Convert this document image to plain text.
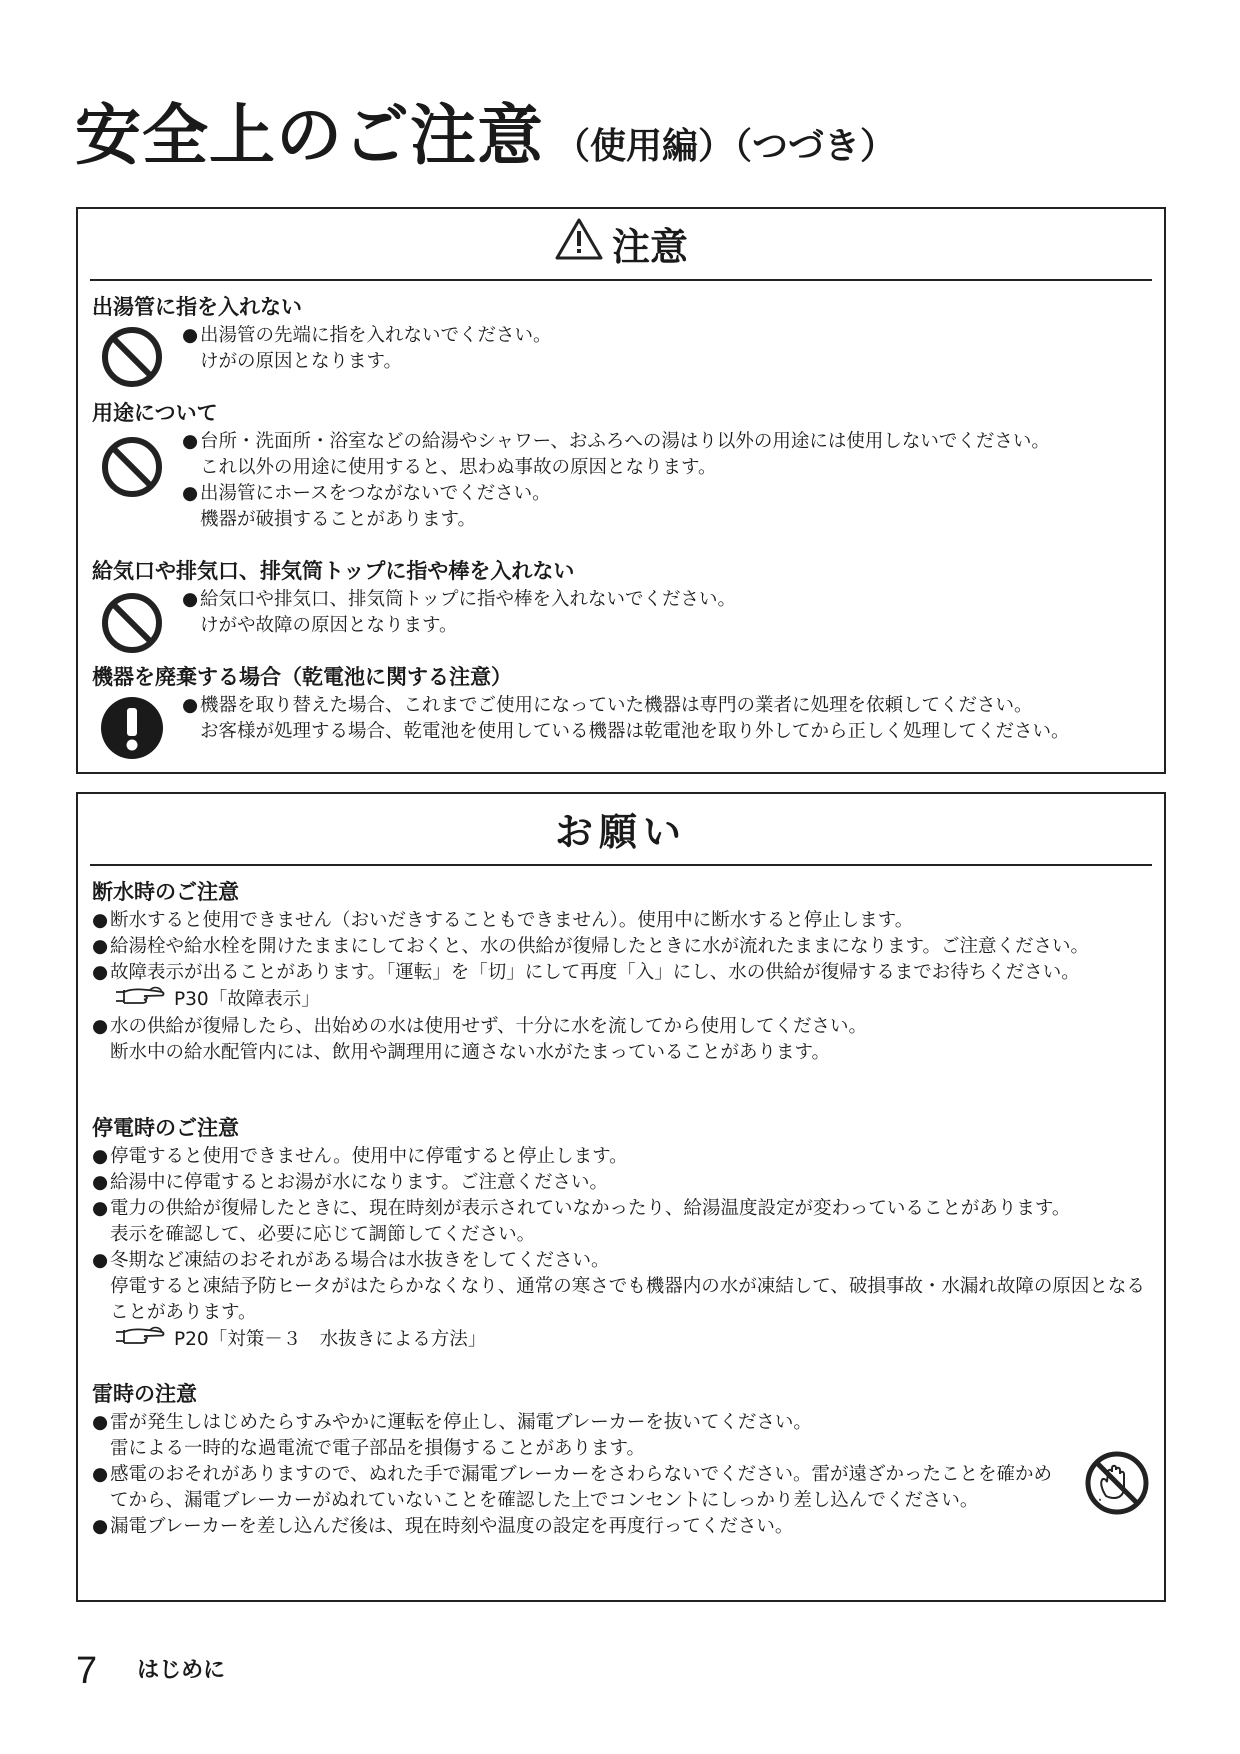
安全上のご注意 （使用編）（つづき）
注意
出湯管に指を入れない
● 出湯管の先端に指を入れないでください。
けがの原因となります。
用途について
● 台所・洗面所・浴室などの給湯やシャワー、おふろへの湯はり以外の用途には使用しないでください。
これ以外の用途に使用すると、思わぬ事故の原因となります。
● 出湯管にホースをつながないでください。
機器が破損することがあります。
給気口や排気口、排気筒トップに指や棒を入れない
● 給気口や排気口、排気筒トップに指や棒を入れないでください。
けがや故障の原因となります。
機器を廃棄する場合（乾電池に関する注意）
● 機器を取り替えた場合、これまでご使用になっていた機器は専門の業者に処理を依頼してください。
お客様が処理する場合、乾電池を使用している機器は乾電池を取り外してから正しく処理してください。
お願い
断水時のご注意
● 断水すると使用できません（おいだきすることもできません）。使用中に断水すると停止します。
● 給湯栓や給水栓を開けたままにしておくと、水の供給が復帰したときに水が流れたままになります。ご注意ください。
● 故障表示が出ることがあります。「運転」を「切」にして再度「入」にし、水の供給が復帰するまでお待ちください。
P30「故障表示」
● 水の供給が復帰したら、出始めの水は使用せず、十分に水を流してから使用してください。
断水中の給水配管内には、飲用や調理用に適さない水がたまっていることがあります。
停電時のご注意
● 停電すると使用できません。使用中に停電すると停止します。
● 給湯中に停電するとお湯が水になります。ご注意ください。
● 電力の供給が復帰したときに、現在時刻が表示されていなかったり、給湯温度設定が変わっていることがあります。
表示を確認して、必要に応じて調節してください。
● 冬期など凍結のおそれがある場合は水抜きをしてください。
停電すると凍結予防ヒータがはたらかなくなり、通常の寒さでも機器内の水が凍結して、破損事故・水漏れ故障の原因となることがあります。
P20「対策－３　水抜きによる方法」
雷時の注意
● 雷が発生しはじめたらすみやかに運転を停止し、漏電ブレーカーを抜いてください。
雷による一時的な過電流で電子部品を損傷することがあります。
● 感電のおそれがありますので、ぬれた手で漏電ブレーカーをさわらないでください。雷が遠ざかったことを確かめてから、漏電ブレーカーがぬれていないことを確認した上でコンセントにしっかり差し込んでください。
● 漏電ブレーカーを差し込んだ後は、現在時刻や温度の設定を再度行ってください。
7 はじめに
